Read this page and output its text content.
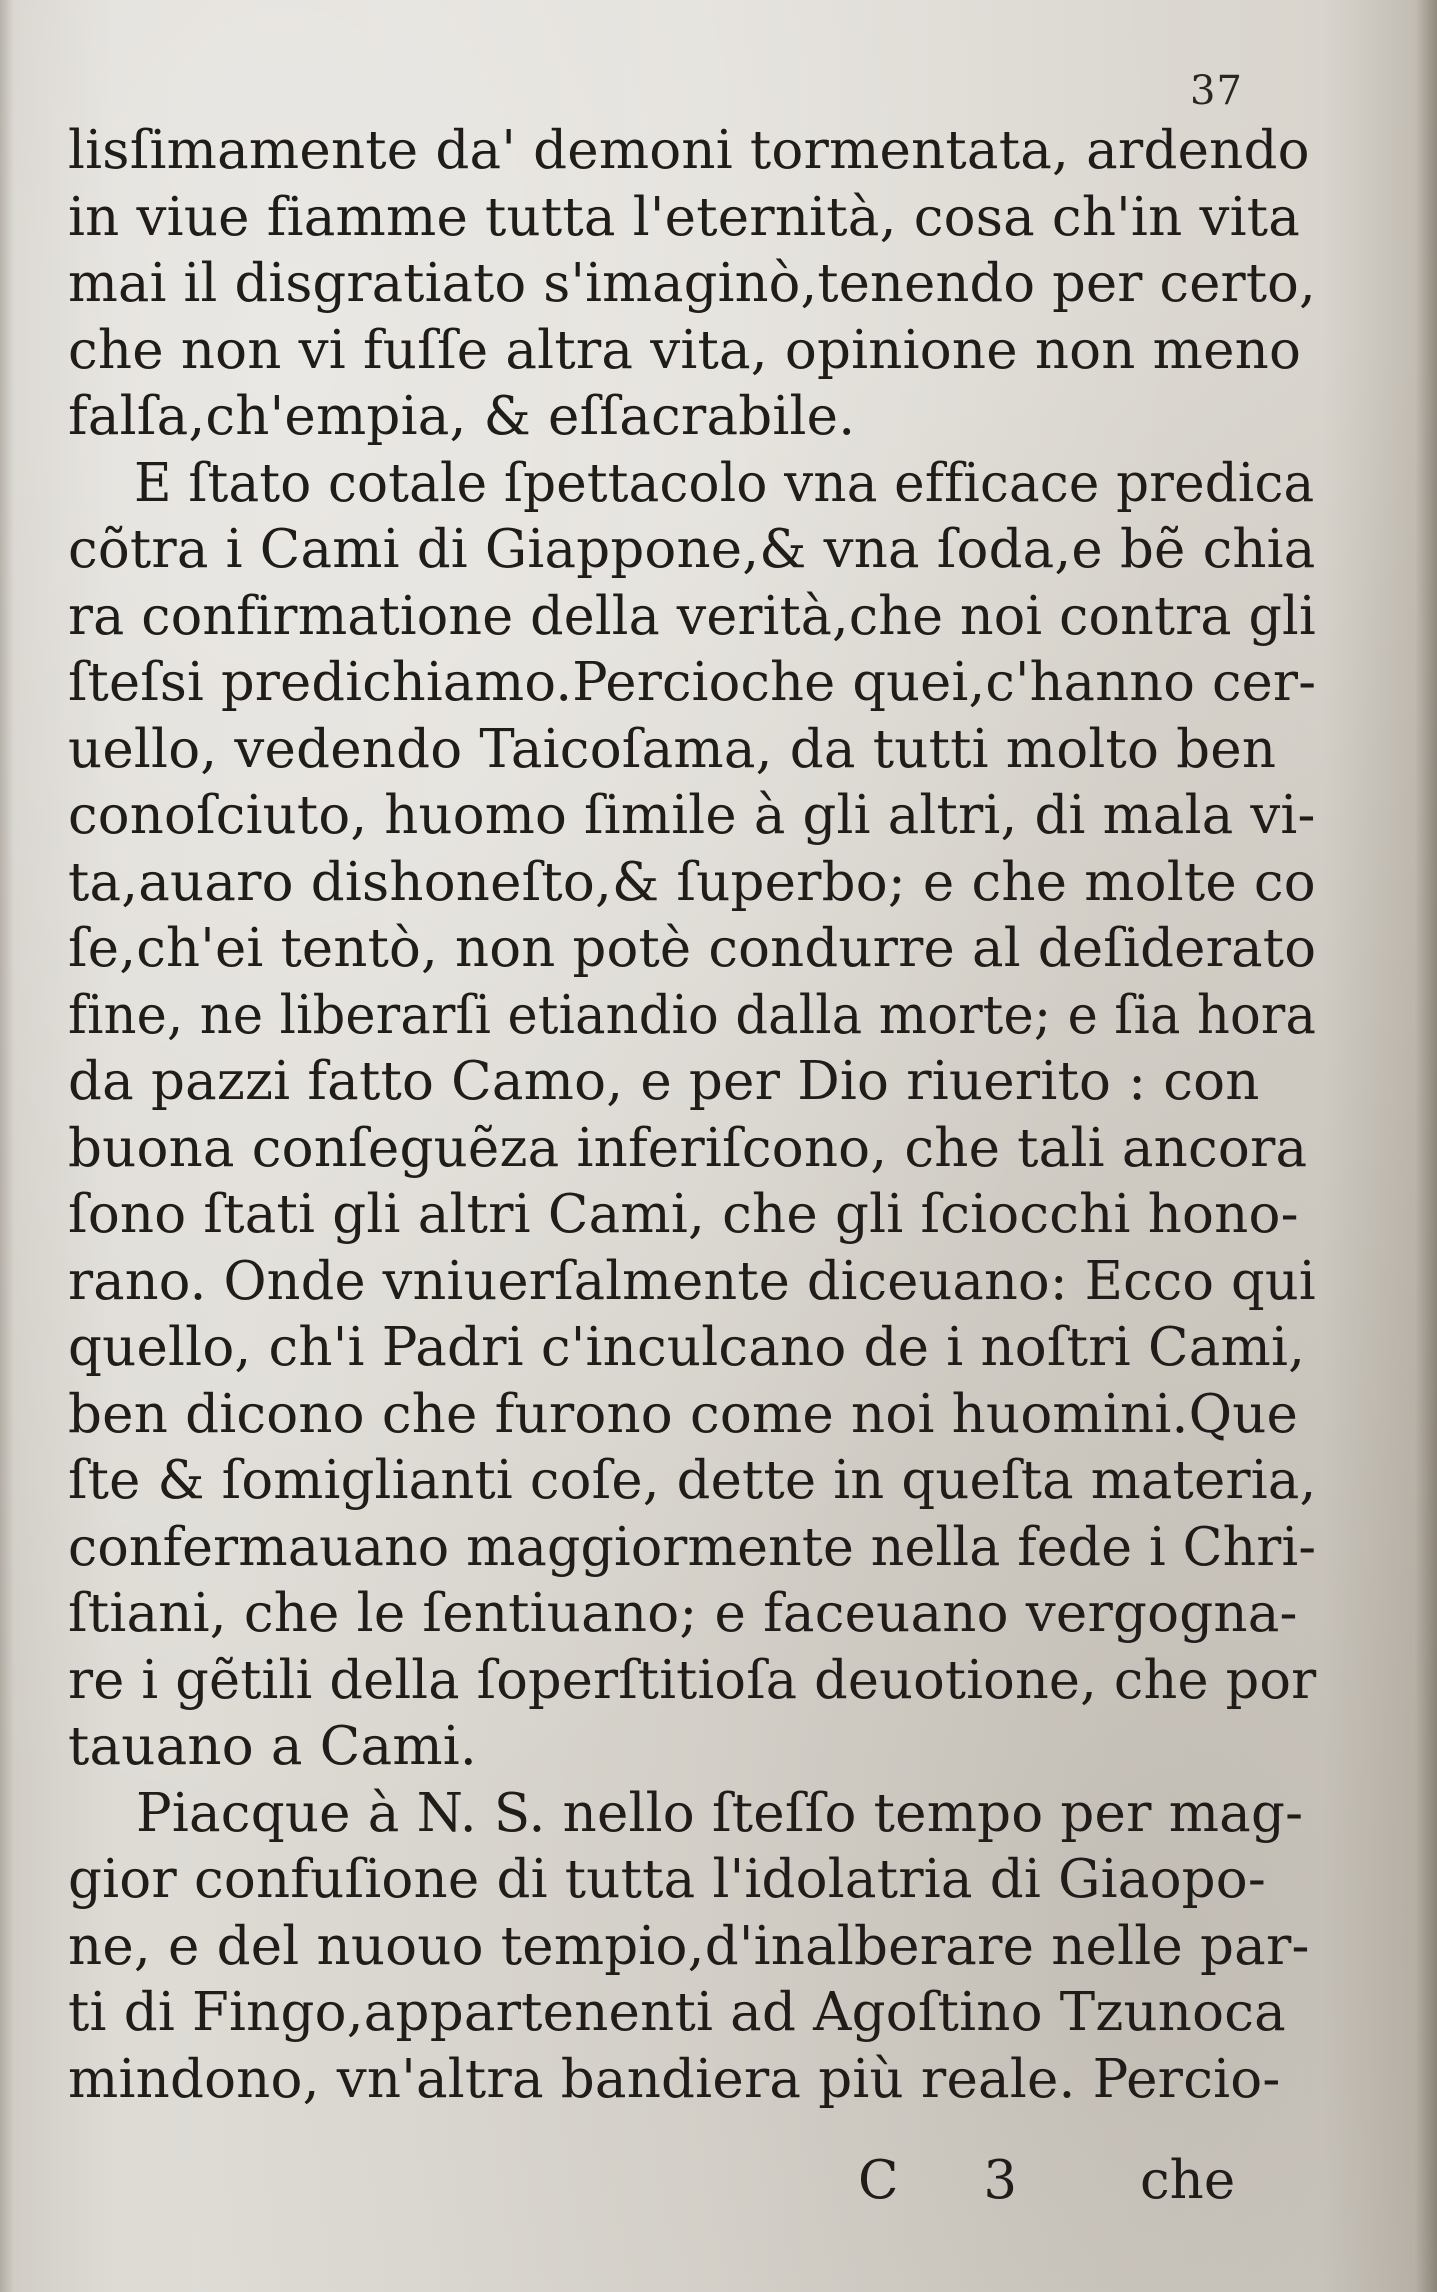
37
lisſimamente da' demoni tormentata, ardendo
in viue fiamme tutta l'eternità, cosa ch'in vita
mai il disgratiato s'imaginò,tenendo per certo,
che non vi fuſſe altra vita, opinione non meno
falſa,ch'empia, & eſſacrabile.
E ſtato cotale ſpettacolo vna efficace predica
cõtra i Cami di Giappone,& vna ſoda,e bẽ chia
ra confirmatione della verità,che noi contra gli
ſteſsi predichiamo.Percioche quei,c'hanno cer-
uello, vedendo Taicoſama, da tutti molto ben
conoſciuto, huomo ſimile à gli altri, di mala vi-
ta,auaro dishoneſto,& ſuperbo; e che molte co
ſe,ch'ei tentò, non potè condurre al deſiderato
fine, ne liberarſi etiandio dalla morte; e ſia hora
da pazzi fatto Camo, e per Dio riuerito : con
buona conſeguẽza inferiſcono, che tali ancora
ſono ſtati gli altri Cami, che gli ſciocchi hono-
rano. Onde vniuerſalmente diceuano: Ecco qui
quello, ch'i Padri c'inculcano de i noſtri Cami,
ben dicono che furono come noi huomini.Que
ſte & ſomiglianti coſe, dette in queſta materia,
confermauano maggiormente nella fede i Chri-
ſtiani, che le ſentiuano; e faceuano vergogna-
re i gẽtili della ſoperſtitioſa deuotione, che por
tauano a Cami.
Piacque à N. S. nello ſteſſo tempo per mag-
gior confuſione di tutta l'idolatria di Giaopo-
ne, e del nuouo tempio,d'inalberare nelle par-
ti di Fingo,appartenenti ad Agoſtino Tzunoca
mindono, vn'altra bandiera più reale. Percio-
C 3 che
